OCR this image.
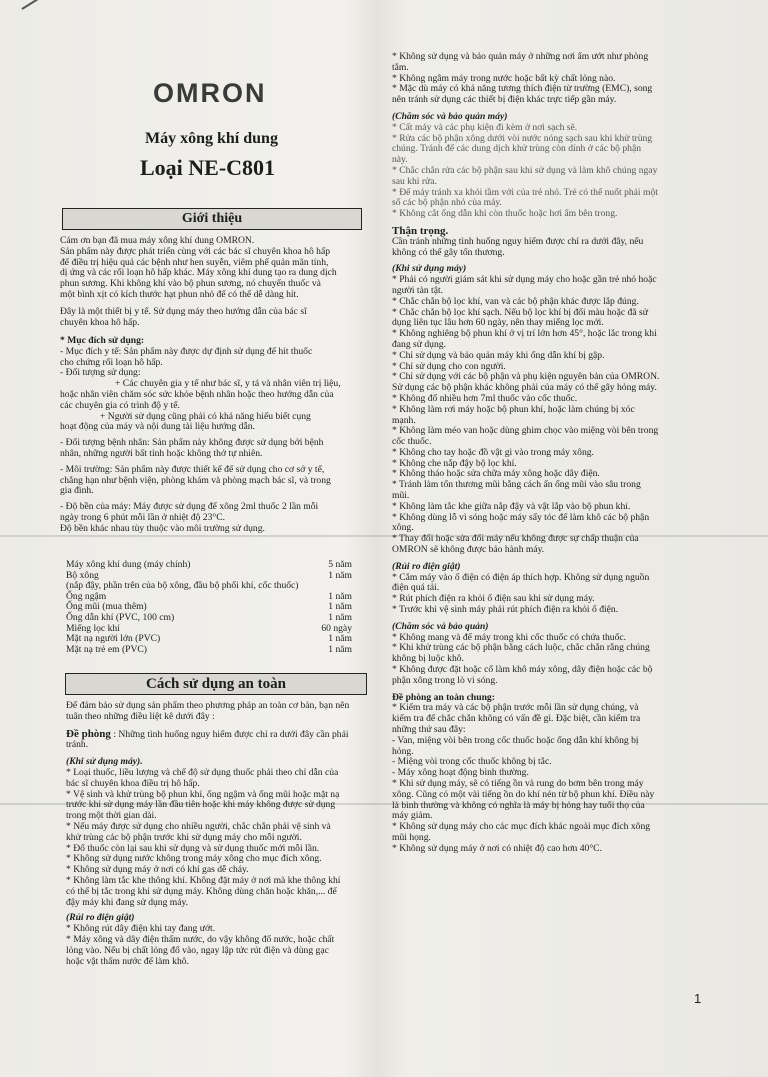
OMRON
Máy xông khí dung
Loại NE-C801
Giới thiệu

Cám ơn bạn đã mua máy xông khí dung OMRON.

Sản phẩm này được phát triển cùng với các bác sĩ chuyên khoa hô hấp

để điều trị hiệu quả các bệnh như hen suyễn, viêm phế quản mãn tính,

dị ứng và các rối loạn hô hấp khác. Máy xông khí dung tạo ra dung dịch

phun sương. Khi không khí vào bộ phun sương, nó chuyển thuốc và

một bình xịt có kích thước hạt phun nhỏ để có thể dễ dàng hít.

Đây là một thiết bị y tế. Sử dụng máy theo hướng dẫn của bác sĩ

chuyên khoa hô hấp.

* Mục đích sử dụng:

- Mục đích y tế: Sản phẩm này được dự định sử dụng để hít thuốc

cho chứng rối loạn hô hấp.

- Đối tượng sử dụng:

+ Các chuyên gia y tế như bác sĩ, y tá và nhân viên trị liệu,

hoặc nhân viên chăm sóc sức khỏe bệnh nhân hoặc theo hướng dẫn của

các chuyên gia có trình độ y tế.

+ Người sử dụng cũng phải có khả năng hiểu biết cụng

hoạt động của máy và nội dung tài liệu hướng dẫn.

- Đối tượng bệnh nhân: Sản phẩm này không được sử dụng bởi bệnh

nhân, những người bất tỉnh hoặc không thở tự nhiên.

- Môi trường: Sản phẩm này được thiết kế để sử dụng cho cơ sở y tế,

chẳng hạn như bệnh viện, phòng khám và phòng mạch bác sĩ, và trong

gia đình.

- Độ bền của máy: Máy được sử dụng để xông 2ml thuốc 2 lần mỗi

ngày trong 6 phút mỗi lần ở nhiệt độ 23°C.

Độ bền khác nhau tùy thuộc vào môi trường sử dụng.

Máy xông khí dung (máy chính)	5 năm
Bộ xông	1 năm
(nắp đậy, phần trên của bộ xông, đầu bộ phối khí, cốc thuốc)
Ống ngậm	1 năm
Ống mũi (mua thêm)	1 năm
Ống dẫn khí (PVC, 100 cm)	1 năm
Miếng lọc khí	60 ngày
Mặt nạ người lớn (PVC)	1 năm
Mặt nạ trẻ em (PVC)	1 năm
Cách sử dụng an toàn

Để đảm bảo sử dụng sản phẩm theo phương pháp an toàn cơ bản, bạn nên tuân theo những điều liệt kê dưới đây :

Đề phòng : Những tình huống nguy hiểm được chỉ ra dưới đây cần phải tránh.

(Khi sử dụng máy).

* Loại thuốc, liều lượng và chế độ sử dụng thuốc phải theo chỉ dẫn của

bác sĩ chuyên khoa điều trị hô hấp.

* Vệ sinh và khử trùng bộ phun khí, ống ngậm và ống mũi hoặc mặt nạ

trước khi sử dụng máy lần đầu tiên hoặc khi máy không được sử dụng

trong một thời gian dài.

* Nếu máy được sử dụng cho nhiều người, chắc chắn phải vệ sinh và

khử trùng các bộ phận trước khi sử dụng máy cho mỗi người.

* Đổ thuốc còn lại sau khi sử dụng và sử dụng thuốc mới mỗi lần.

* Không sử dụng nước không trong máy xông cho mục đích xông.

* Không sử dụng máy ở nơi có khí gas dễ cháy.

* Không làm tắc khe thông khí. Không đặt máy ở nơi mà khe thông khí

có thể bị tắc trong khi sử dụng máy. Không dùng chăn hoặc khăn,... để

đậy máy khi đang sử dụng máy.

(Rủi ro điện giật)

* Không rút dây điện khi tay đang ướt.

* Máy xông và dây điện thấm nước, do vậy không đổ nước, hoặc chất

lỏng vào. Nếu bị chất lỏng đổ vào, ngay lập tức rút điện và dùng gạc

hoặc vật thấm nước để làm khô.

* Không sử dụng và bảo quản máy ở những nơi ẩm ướt như phòng

tắm.

* Không ngâm máy trong nước hoặc bất kỳ chất lỏng nào.

* Mặc dù máy có khả năng tương thích điện từ trường (EMC), song

nên tránh sử dụng các thiết bị điện khác trực tiếp gần máy.

(Chăm sóc và bảo quản máy)

* Cất máy và các phụ kiện đi kèm ở nơi sạch sẽ.

* Rửa các bộ phận xông dưới vòi nước nóng sạch sau khi khử trùng

chúng. Tránh để các dung dịch khử trùng còn dính ở các bộ phận

này.

* Chắc chắn rửa các bộ phận sau khi sử dụng và làm khô chúng ngay

sau khi rửa.

* Để máy tránh xa khỏi tầm với của trẻ nhỏ. Trẻ có thể nuốt phải một

số các bộ phận nhỏ của máy.

* Không cắt ống dẫn khi còn thuốc hoặc hơi ẩm bên trong.

Thận trọng.

Cần tránh những tình huống nguy hiểm được chỉ ra dưới đây, nếu

không có thể gây tổn thương.

(Khi sử dụng máy)

* Phải có người giám sát khi sử dụng máy cho hoặc gần trẻ nhỏ hoặc

người tàn tật.

* Chắc chắn bộ lọc khí, van và các bộ phận khác được lắp đúng.

* Chắc chắn bộ lọc khí sạch. Nếu bộ lọc khí bị đổi màu hoặc đã sử

dụng liên tục lâu hơn 60 ngày, nên thay miếng lọc mới.

* Không nghiêng bộ phun khí ở vị trí lớn hơn 45°, hoặc lắc trong khi

đang sử dụng.

* Chỉ sử dụng và bảo quản máy khi ống dẫn khí bị gập.

* Chỉ sử dụng cho con người.

* Chỉ sử dụng với các bộ phận và phụ kiện nguyên bản của OMRON.

Sử dụng các bộ phận khác không phải của máy có thể gây hỏng máy.

* Không đổ nhiều hơn 7ml thuốc vào cốc thuốc.

* Không làm rơi máy hoặc bộ phun khí, hoặc làm chúng bị xóc

mạnh.

* Không làm méo van hoặc dùng ghim chọc vào miệng vòi bên trong

cốc thuốc.

* Không cho tay hoặc đồ vật gì vào trong máy xông.

* Không che nắp đậy bộ lọc khí.

* Không tháo hoặc sửa chữa máy xông hoặc dây điện.

* Tránh làm tổn thương mũi bằng cách ấn ống mũi vào sâu trong

mũi.

* Không làm tắc khe giữa nắp đậy và vật lắp vào bộ phun khí.

* Không dùng lỗ vì sóng hoặc máy sấy tóc để làm khô các bộ phận

xông.

* Thay đổi hoặc sửa đổi máy nếu không được sự chấp thuận của

OMRON sẽ không được bảo hành máy.

(Rủi ro điện giật)

* Cắm máy vào ổ điện có điện áp thích hợp. Không sử dụng nguồn

điện quá tải.

* Rút phích điện ra khỏi ổ điện sau khi sử dụng máy.

* Trước khi vệ sinh máy phải rút phích điện ra khỏi ổ điện.

(Chăm sóc và bảo quản)

* Không mang và để máy trong khi cốc thuốc có chứa thuốc.

* Khi khử trùng các bộ phận bằng cách luộc, chắc chắn rằng chúng

không bị luộc khô.

* Không được đặt hoặc cố làm khô máy xông, dây điện hoặc các bộ

phận xông trong lò vi sóng.

Đề phòng an toàn chung:

* Kiểm tra máy và các bộ phận trước mỗi lần sử dụng chúng, và

kiểm tra để chắc chắn không có vấn đề gì. Đặc biệt, cần kiểm tra

những thứ sau đây:

- Van, miệng vòi bên trong cốc thuốc hoặc ống dẫn khí không bị

hỏng.

- Miệng vòi trong cốc thuốc không bị tắc.

- Máy xông hoạt động bình thường.

* Khi sử dụng máy, sẽ có tiếng ồn và rung do bơm bên trong máy

xông. Cũng có một vài tiếng ồn do khí nén từ bộ phun khí. Điều này

là bình thường và không có nghĩa là máy bị hỏng hay tuổi thọ của

máy giảm.

* Không sử dụng máy cho các mục đích khác ngoài mục đích xông

mũi họng.

* Không sử dụng máy ở nơi có nhiệt độ cao hơn 40°C.

1
